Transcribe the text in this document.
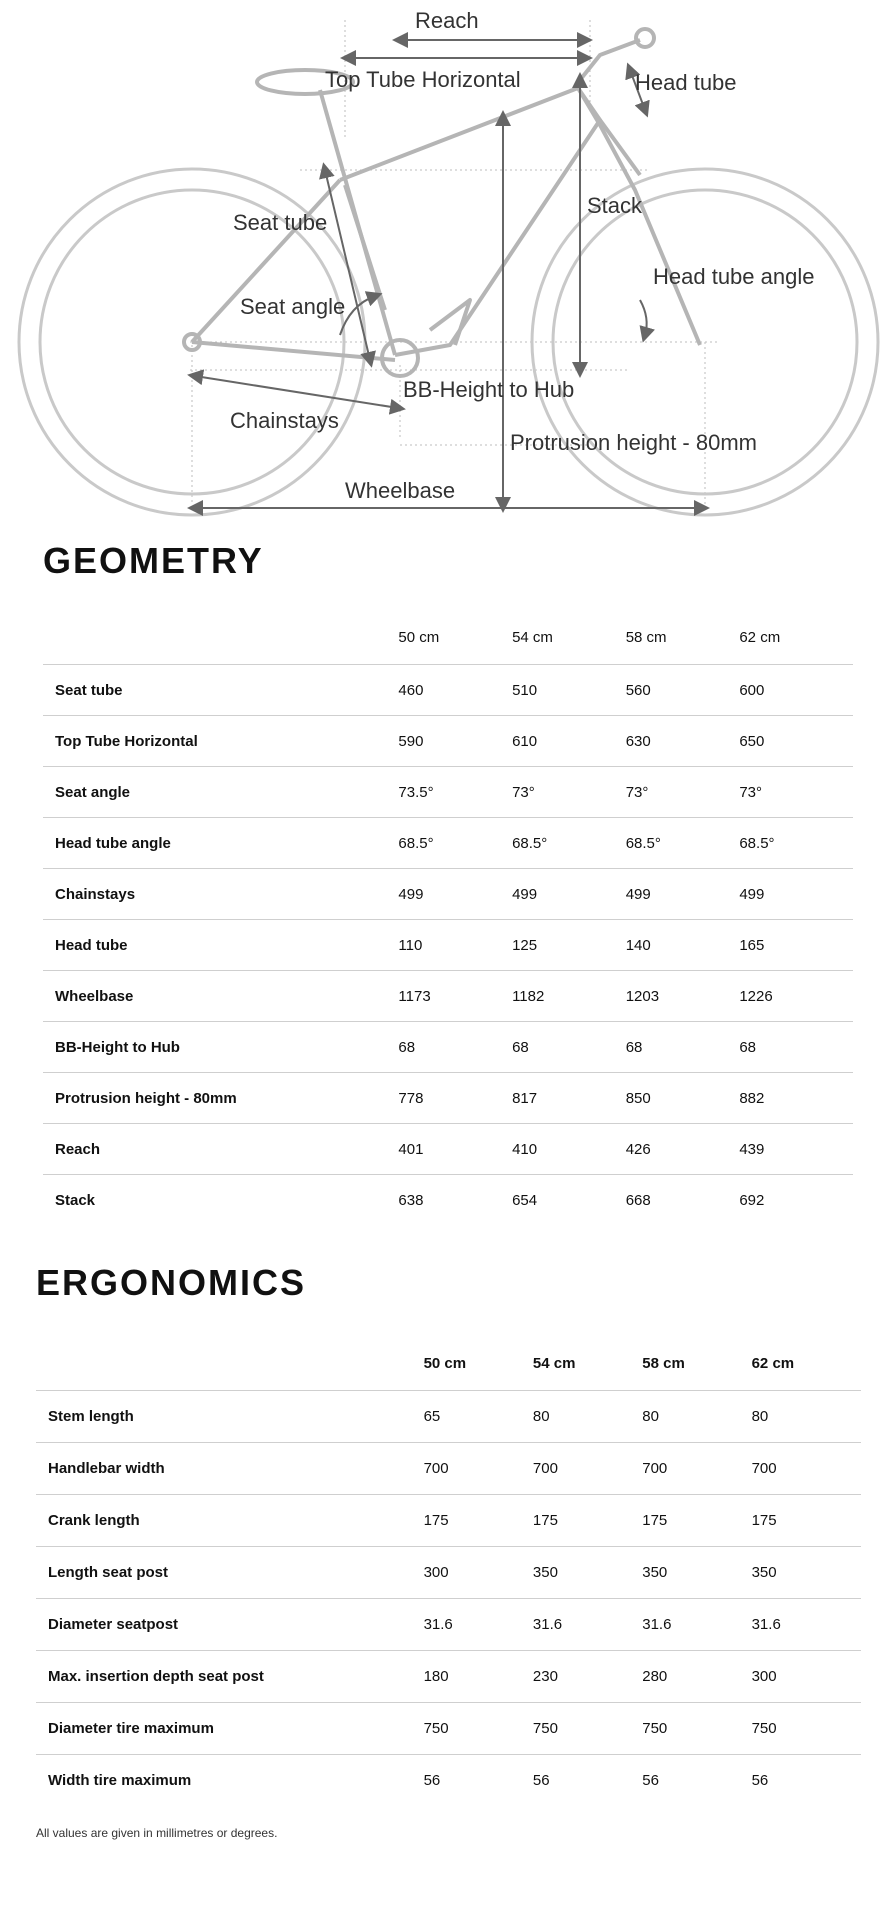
Reach
Top Tube Horizontal	Head tube
Stack
Seat tube
Head tube angle
Seat angle
BB-Height to Hub
Chainstays
Protrusion height - 80mm
Wheelbase
GEOMETRY
	50 cm	54 cm	58 cm	62 cm
Seat tube	460	510	560	600
Top Tube Horizontal	590	610	630	650
Seat angle	73.5°	73°	73°	73°
Head tube angle	68.5°	68.5°	68.5°	68.5°
Chainstays	499	499	499	499
Head tube	110	125	140	165
Wheelbase	1173	1182	1203	1226
BB-Height to Hub	68	68	68	68
Protrusion height - 80mm	778	817	850	882
Reach	401	410	426	439
Stack	638	654	668	692
ERGONOMICS
	50 cm	54 cm	58 cm	62 cm
Stem length	65	80	80	80
Handlebar width	700	700	700	700
Crank length	175	175	175	175
Length seat post	300	350	350	350
Diameter seatpost	31.6	31.6	31.6	31.6
Max. insertion depth seat post	180	230	280	300
Diameter tire maximum	750	750	750	750
Width tire maximum	56	56	56	56

All values are given in millimetres or degrees.
